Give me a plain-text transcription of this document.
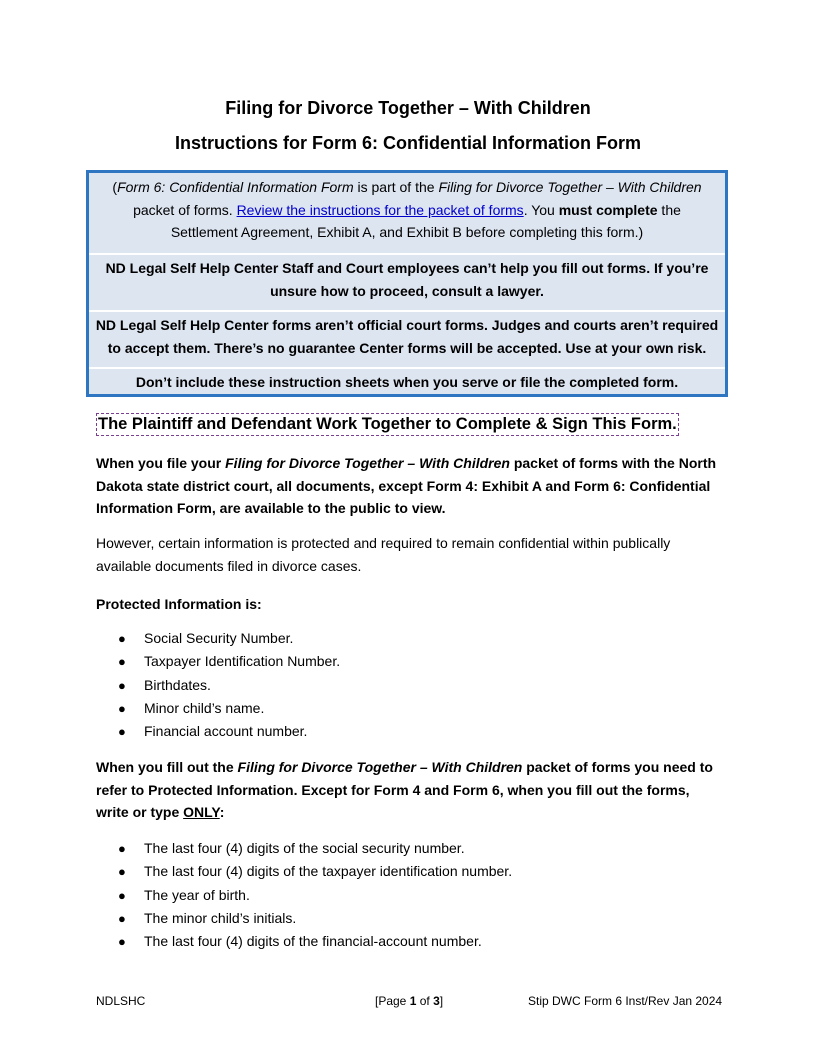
Filing for Divorce Together – With Children
Instructions for Form 6: Confidential Information Form
(Form 6: Confidential Information Form is part of the Filing for Divorce Together – With Children
packet of forms. Review the instructions for the packet of forms. You must complete the
Settlement Agreement, Exhibit A, and Exhibit B before completing this form.)
ND Legal Self Help Center Staff and Court employees can’t help you fill out forms. If you’re
unsure how to proceed, consult a lawyer.
ND Legal Self Help Center forms aren’t official court forms. Judges and courts aren’t required
to accept them. There’s no guarantee Center forms will be accepted. Use at your own risk.
Don’t include these instruction sheets when you serve or file the completed form.
The Plaintiff and Defendant Work Together to Complete & Sign This Form.
When you file your Filing for Divorce Together – With Children packet of forms with the North
Dakota state district court, all documents, except Form 4: Exhibit A and Form 6: Confidential
Information Form, are available to the public to view.
However, certain information is protected and required to remain confidential within publically
available documents filed in divorce cases.
Protected Information is:
● Social Security Number.
● Taxpayer Identification Number.
● Birthdates.
● Minor child’s name.
● Financial account number.
When you fill out the Filing for Divorce Together – With Children packet of forms you need to
refer to Protected Information. Except for Form 4 and Form 6, when you fill out the forms,
write or type ONLY:
● The last four (4) digits of the social security number.
● The last four (4) digits of the taxpayer identification number.
● The year of birth.
● The minor child’s initials.
● The last four (4) digits of the financial-account number.
NDLSHC	[Page 1 of 3]	Stip DWC Form 6 Inst/Rev Jan 2024
